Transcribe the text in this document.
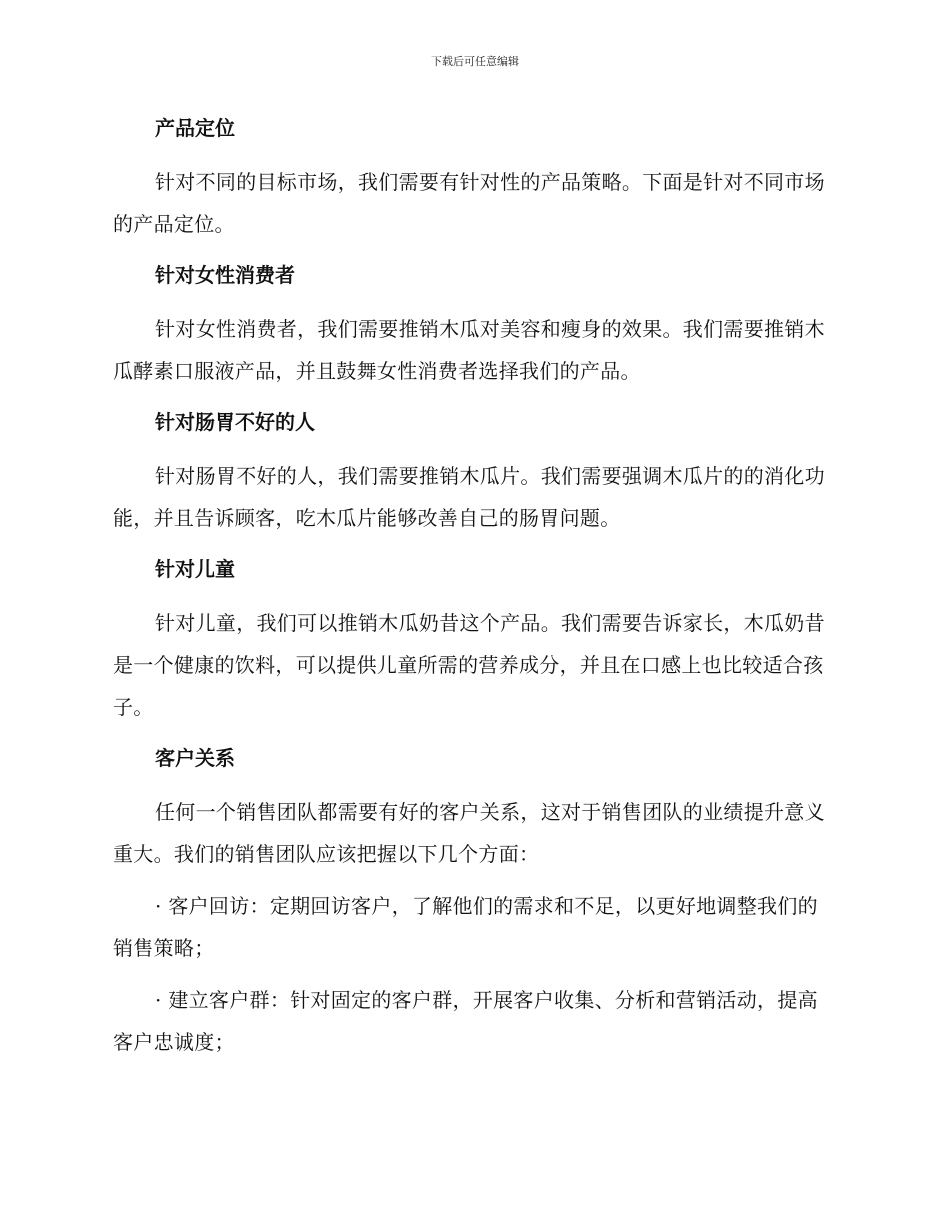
下载后可任意编辑
产品定位

针对不同的目标市场，我们需要有针对性的产品策略。下面是针对不同市场的产品定位。

针对女性消费者

针对女性消费者，我们需要推销木瓜对美容和瘦身的效果。我们需要推销木瓜酵素口服液产品，并且鼓舞女性消费者选择我们的产品。

针对肠胃不好的人

针对肠胃不好的人，我们需要推销木瓜片。我们需要强调木瓜片的的消化功能，并且告诉顾客，吃木瓜片能够改善自己的肠胃问题。

针对儿童

针对儿童，我们可以推销木瓜奶昔这个产品。我们需要告诉家长，木瓜奶昔是一个健康的饮料，可以提供儿童所需的营养成分，并且在口感上也比较适合孩子。

客户关系

任何一个销售团队都需要有好的客户关系，这对于销售团队的业绩提升意义重大。我们的销售团队应该把握以下几个方面：

· 客户回访：定期回访客户，了解他们的需求和不足，以更好地调整我们的销售策略；

· 建立客户群：针对固定的客户群，开展客户收集、分析和营销活动，提高客户忠诚度；
